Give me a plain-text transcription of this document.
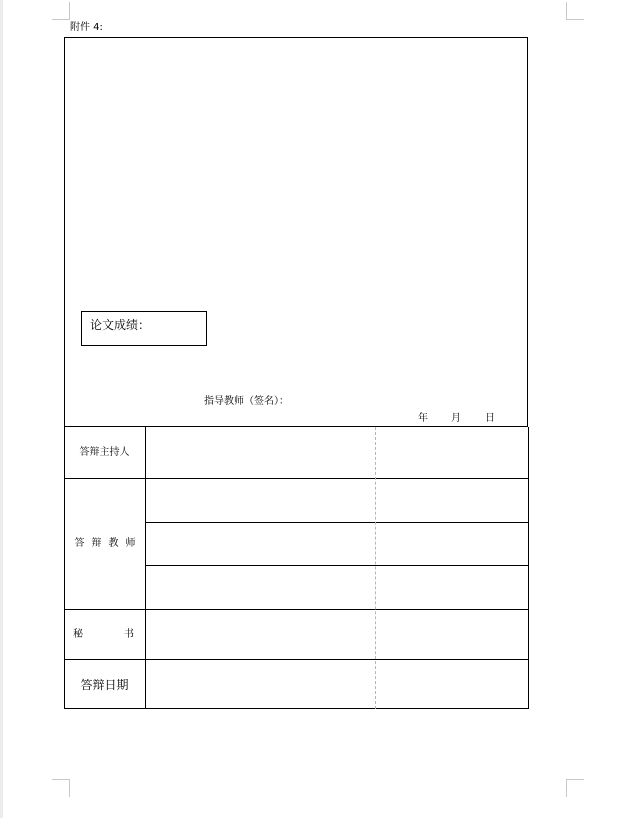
附件 4:
论文成绩：
指导教师（签名）：
年 月 日
答辩主持人
答辩教师
秘	书
答辩日期
